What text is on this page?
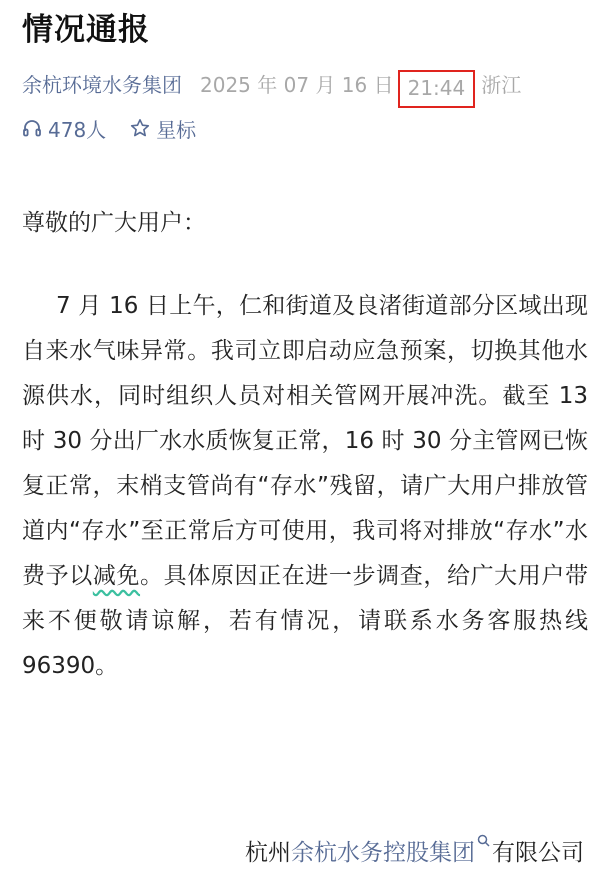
情况通报
余杭环境水务集团 2025 年 07 月 16 日 21:44 浙江
478人	星标

尊敬的广大用户：

7 月 16 日上午，仁和街道及良渚街道部分区域出现自来水气味异常。我司立即启动应急预案，切换其他水源供水，同时组织人员对相关管网开展冲洗。截至 13 时 30 分出厂水水质恢复正常，16 时 30 分主管网已恢复正常，末梢支管尚有“存水”残留，请广大用户排放管道内“存水”至正常后方可使用，我司将对排放“存水”水费予以减免。具体原因正在进一步调查，给广大用户带来不便敬请谅解，若有情况，请联系水务客服热线 96390。

杭州 余杭水务控股集团 有限公司
